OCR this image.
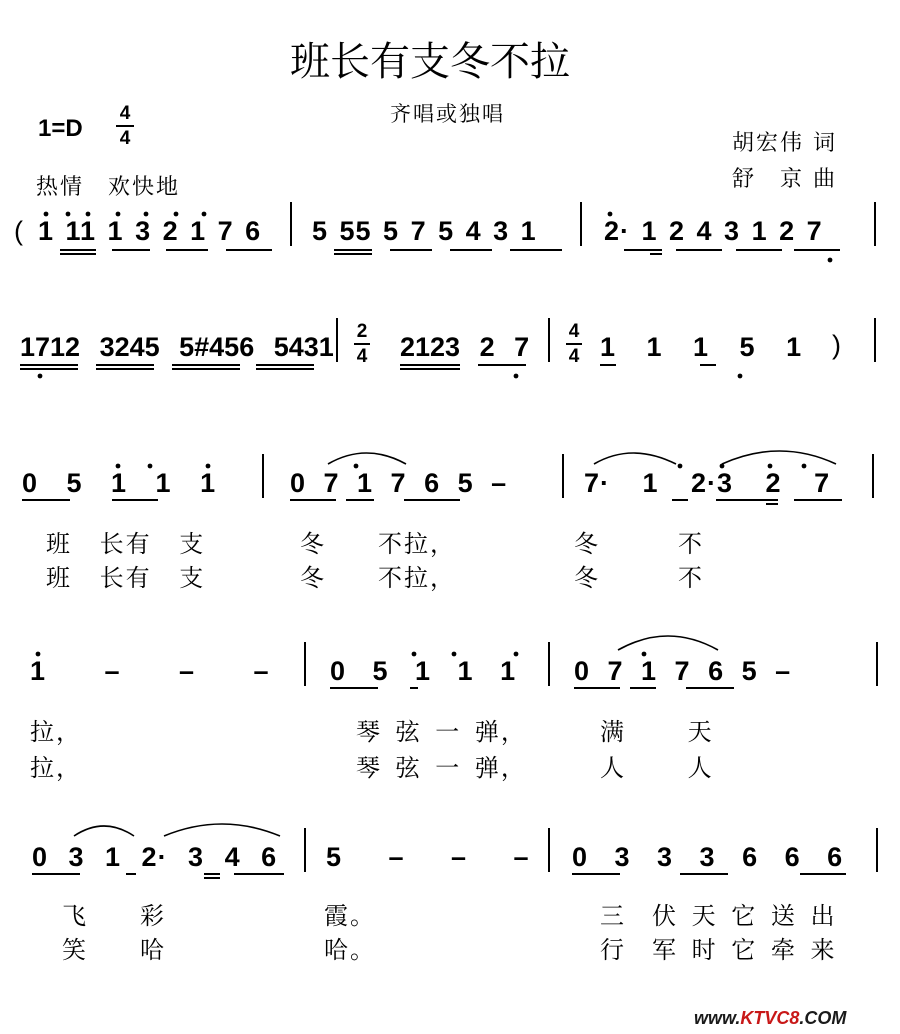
班长有支冬不拉
齐唱或独唱
胡宏伟 词
舒　京 曲
1=D
4
4
热情　欢快地
( 1 11 1 3 2 1 7 6 5 55 5 7 5 4 3 1 2· 1 2 4 3 1 2 7
1712 3245 5#456 5431
2
4 2123 2 7
4
4 1 1 1 5 1 )
0 5 1 1 1	0 7 1 7 6 5 –	7· 1 2·3 2 7
班 长有 支	冬　　不拉，	冬　　　不
班 长有 支	冬　　不拉，	冬　　　不
1 – – – 0 5 1 1 1 0 7 1 7 6 5 –
拉，	琴 弦 一 弹，	满　　 天
拉，	琴 弦 一 弹，	人　　 人
0 3 1 2· 3 4 6 5 – – – 0 3 3 3 6 6 6
飞　　彩	霞。	三　伏 天 它 送 出
笑　　哈	哈。	行　军 时 它 牵 来
www.KTVC8.COM
